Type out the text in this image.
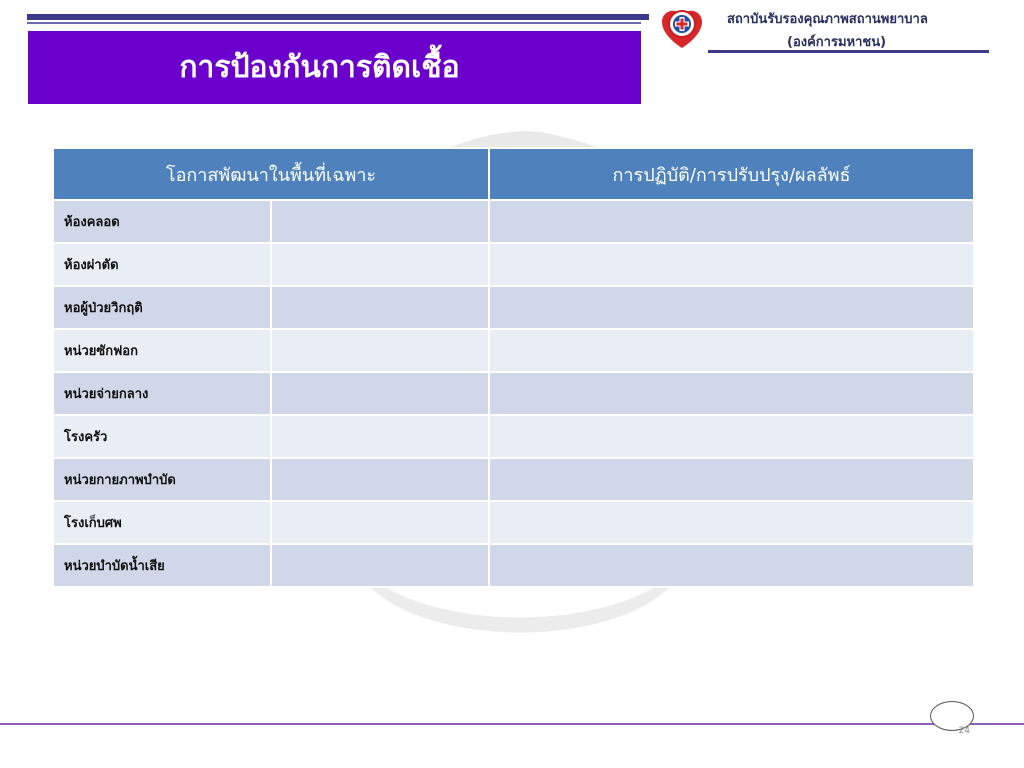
การป้องกันการติดเชื้อ
สถาบันรับรองคุณภาพสถานพยาบาล
(องค์การมหาชน)
โอกาสพัฒนาในพื้นที่เฉพาะ		การปฏิบัติ/การปรับปรุง/ผลลัพธ์
ห้องคลอด		
ห้องผ่าตัด		
หอผู้ป่วยวิกฤติ		
หน่วยซักฟอก		
หน่วยจ่ายกลาง		
โรงครัว		
หน่วยกายภาพบำบัด		
โรงเก็บศพ		
หน่วยบำบัดน้ำเสีย		
24
